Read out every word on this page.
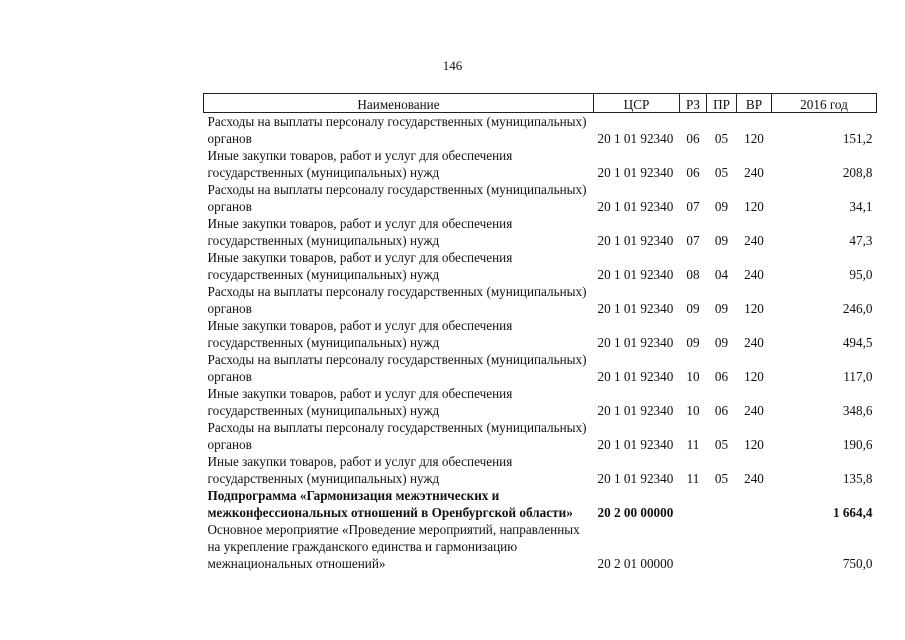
146
Наименование	ЦСР	РЗ	ПР	ВР	2016 год
Расходы на выплаты персоналу государственных (муниципальных) органов	20 1 01 92340	06	05	120	151,2
Иные закупки товаров, работ и услуг для обеспечения государственных (муниципальных) нужд	20 1 01 92340	06	05	240	208,8
Расходы на выплаты персоналу государственных (муниципальных) органов	20 1 01 92340	07	09	120	34,1
Иные закупки товаров, работ и услуг для обеспечения государственных (муниципальных) нужд	20 1 01 92340	07	09	240	47,3
Иные закупки товаров, работ и услуг для обеспечения государственных (муниципальных) нужд	20 1 01 92340	08	04	240	95,0
Расходы на выплаты персоналу государственных (муниципальных) органов	20 1 01 92340	09	09	120	246,0
Иные закупки товаров, работ и услуг для обеспечения государственных (муниципальных) нужд	20 1 01 92340	09	09	240	494,5
Расходы на выплаты персоналу государственных (муниципальных) органов	20 1 01 92340	10	06	120	117,0
Иные закупки товаров, работ и услуг для обеспечения государственных (муниципальных) нужд	20 1 01 92340	10	06	240	348,6
Расходы на выплаты персоналу государственных (муниципальных) органов	20 1 01 92340	11	05	120	190,6
Иные закупки товаров, работ и услуг для обеспечения государственных (муниципальных) нужд	20 1 01 92340	11	05	240	135,8
Подпрограмма «Гармонизация межэтнических и межконфессиональных отношений в Оренбургской области»	20 2 00 00000				1 664,4
Основное мероприятие «Проведение мероприятий, направленных на укрепление гражданского единства и гармонизацию межнациональных отношений»	20 2 01 00000				750,0
